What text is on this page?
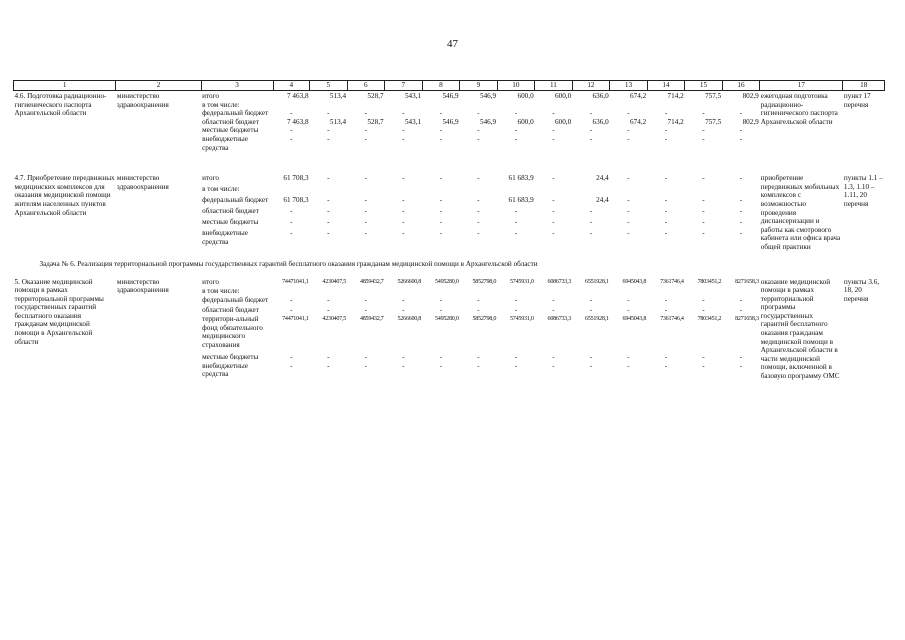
47
1	2	3	4	5	6	7	8	9	10	11	12	13	14	15	16	17	18
4.6. Подготовка радиационно-гигиенического паспорта Архангельской области	министерство здравоохранения	итого	7 463,8	513,4	528,7	543,1	546,9	546,9	600,0	600,0	636,0	674,2	714,2	757,5	802,9	ежегодная подготовка радиационно-гигиенического паспорта Архангельской области	пункт 17 перечня
		в том числе:															
		федеральный бюджет	-	-	-	-	-	-	-	-	-	-	-	-	-		
		областной бюджет	7 463,8	513,4	528,7	543,1	546,9	546,9	600,0	600,0	636,0	674,2	714,2	757,5	802,9		
		местные бюджеты	-	-	-	-	-	-	-	-	-	-	-	-	-		
		внебюджетные средства	-	-	-	-	-	-	-	-	-	-	-	-	-		

4.7. Приобретение передвижных медицинских комплексов для оказания медицинской помощи жителям населенных пунктов Архангельской области	министерство здравоохранения	итого	61 708,3	-	-	-	-	-	61 683,9	-	24,4	-	-	-	-	приобретение передвижных мобильных комплексов с возможностью проведения диспансеризации и работы как смотрового кабинета или офиса врача общей практики	пункты 1.1 – 1.3, 1.10 – 1.11, 20 перечня
		в том числе:															
		федеральный бюджет	61 708,3	-	-	-	-	-	61 683,9	-	24,4	-	-	-	-		
		областной бюджет	-	-	-	-	-	-	-	-	-	-	-	-	-		
		местные бюджеты	-	-	-	-	-	-	-	-	-	-	-	-	-		
		внебюджетные средства	-	-	-	-	-	-	-	-	-	-	-	-	-		
Задача № 6. Реализация территориальной программы государственных гарантий бесплатного оказания гражданам медицинской помощи в Архангельской области																	
5. Оказание медицинской помощи в рамках территориальной программы государственных гарантий бесплатного оказания гражданам медицинской помощи в Архангельской области	министерство здравоохранения	итого	74471041,1	4230407,5	4859432,7	5266600,8	5495280,0	5852798,0	5745931,0	6086733,3	6551928,1	6945043,8	7361746,4	7803451,2	8271658,3	оказание медицинской помощи в рамках территориальной программы государственных гарантий бесплатного оказания гражданам медицинской помощи в Архангельской области в части медицинской помощи, включенной в базовую программу ОМС	пункты 3.6, 18, 20 перечня
		в том числе:															
		федеральный бюджет	-	-	-	-	-	-	-	-	-	-	-	-	-		
		областной бюджет	-	-	-	-	-	-	-	-	-	-	-	-	-		
		территори-альный фонд обязательного медицинского страхования	74471041,1	4230407,5	4859432,7	5266600,8	5495280,0	5852798,0	5745931,0	6086733,3	6551928,1	6945043,8	7361746,4	7803451,2	8271658,3		
		местные бюджеты	-	-	-	-	-	-	-	-	-	-	-	-	-		
		внебюджетные средства	-	-	-	-	-	-	-	-	-	-	-	-	-		
